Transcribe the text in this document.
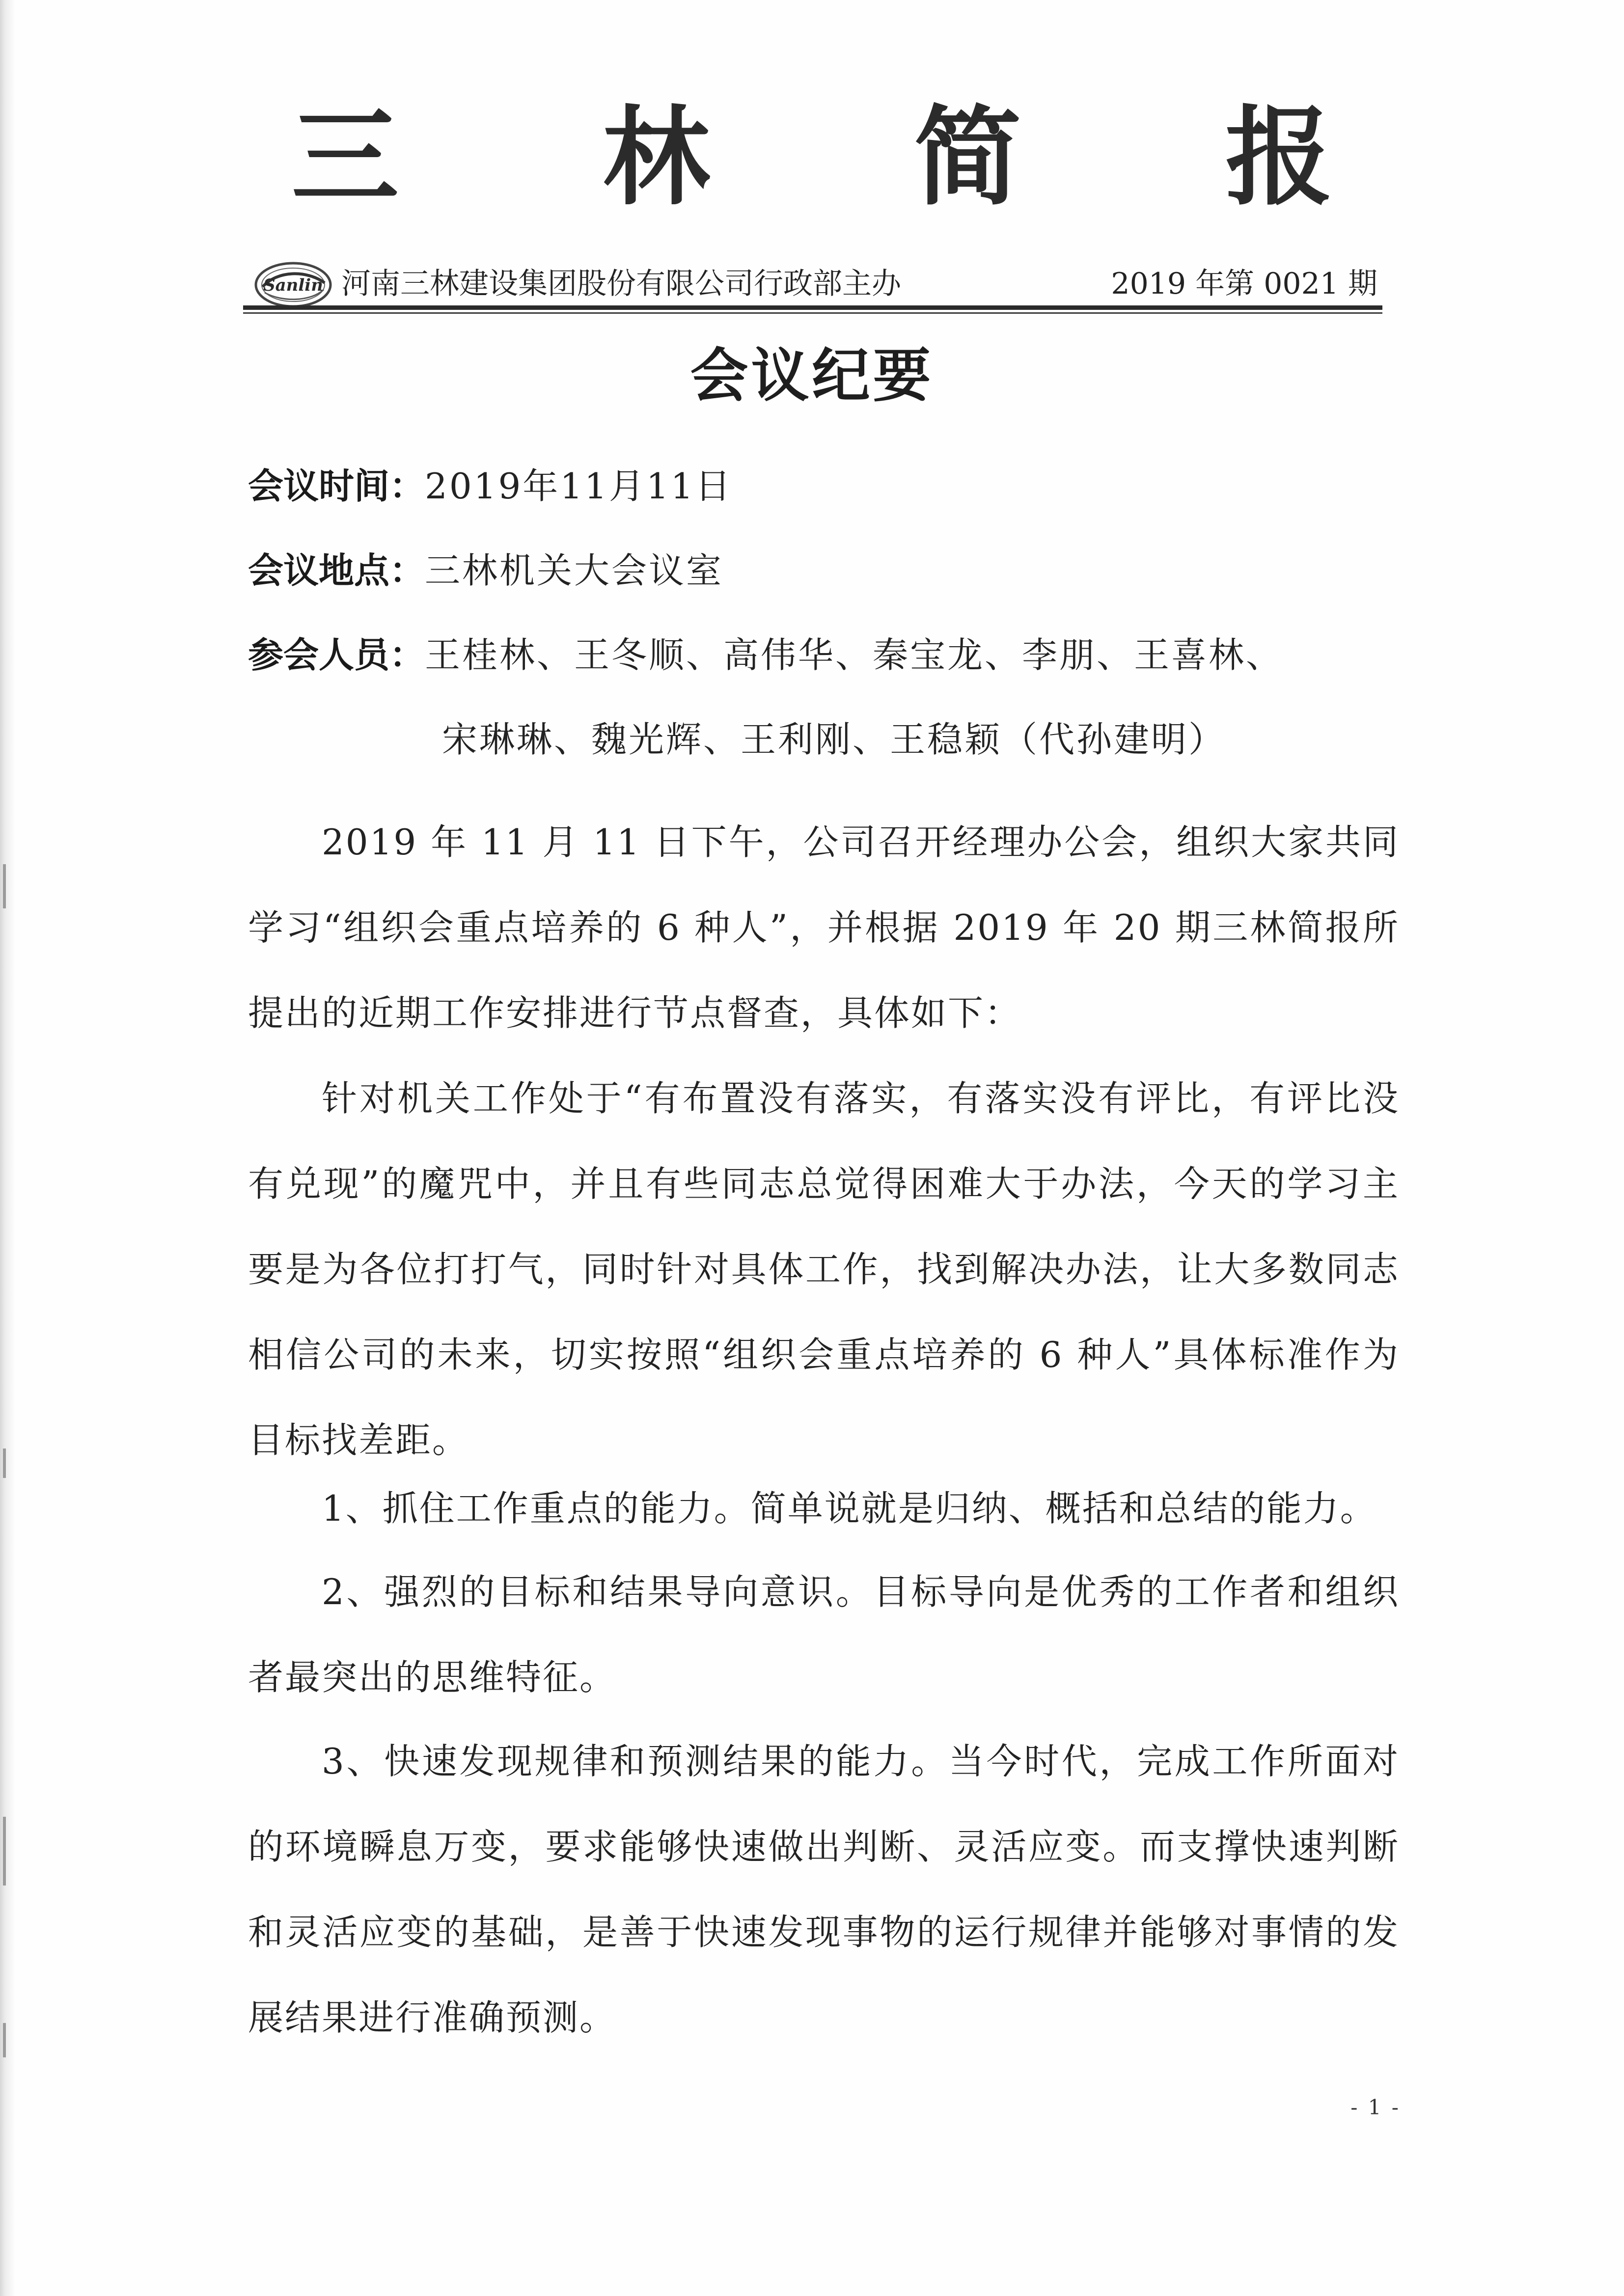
三 林 简 报
Sanlin 河南三林建设集团股份有限公司行政部主办	2019 年第 0021 期
会议纪要
会议时间：2019年11月11日
会议地点：三林机关大会议室
参会人员：王桂林、王冬顺、高伟华、秦宝龙、李朋、王喜林、
宋琳琳、魏光辉、王利刚、王稳颖（代孙建明）
2019 年 11 月 11 日下午，公司召开经理办公会，组织大家共同学习“组织会重点培养的 6 种人”，并根据 2019 年 20 期三林简报所提出的近期工作安排进行节点督查，具体如下：
针对机关工作处于“有布置没有落实，有落实没有评比，有评比没有兑现”的魔咒中，并且有些同志总觉得困难大于办法，今天的学习主要是为各位打打气，同时针对具体工作，找到解决办法，让大多数同志相信公司的未来，切实按照“组织会重点培养的 6 种人”具体标准作为目标找差距。
1、抓住工作重点的能力。简单说就是归纳、概括和总结的能力。
2、强烈的目标和结果导向意识。目标导向是优秀的工作者和组织者最突出的思维特征。
3、快速发现规律和预测结果的能力。当今时代，完成工作所面对的环境瞬息万变，要求能够快速做出判断、灵活应变。而支撑快速判断和灵活应变的基础，是善于快速发现事物的运行规律并能够对事情的发展结果进行准确预测。
- 1 -
